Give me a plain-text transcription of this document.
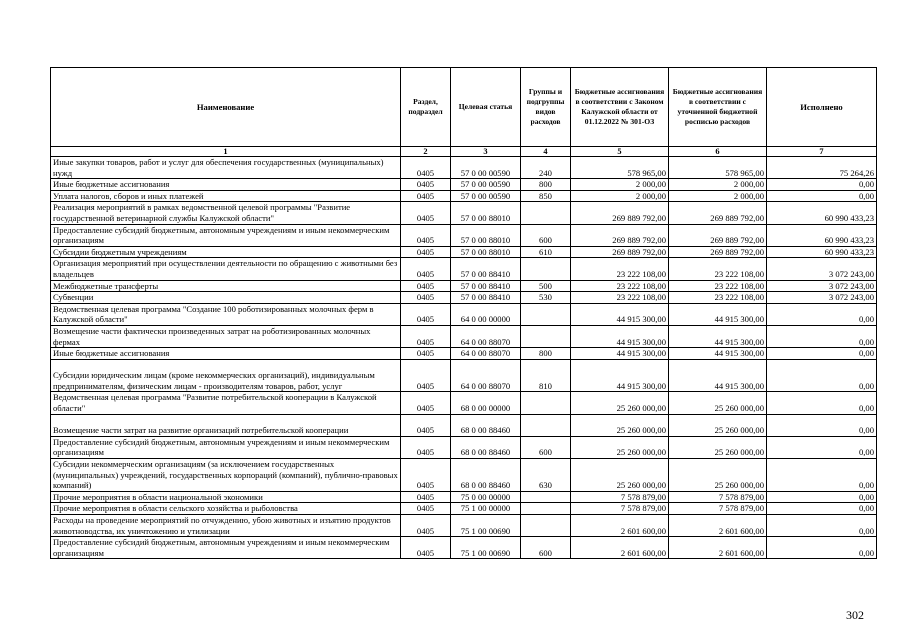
Наименование	Раздел, подраздел	Целевая статья	Группы и подгруппы видов расходов	Бюджетные ассигнования в соответствии с Законом Калужской области от 01.12.2022 № 301-ОЗ	Бюджетные ассигнования в соответствии с уточненной бюджетной росписью расходов	Исполнено
1	2	3	4	5	6	7
Иные закупки товаров, работ и услуг для обеспечения государственных (муниципальных) нужд	0405	57 0 00 00590	240	578 965,00	578 965,00	75 264,26
Иные бюджетные ассигнования	0405	57 0 00 00590	800	2 000,00	2 000,00	0,00
Уплата налогов, сборов и иных платежей	0405	57 0 00 00590	850	2 000,00	2 000,00	0,00
Реализация мероприятий в рамках ведомственной целевой программы "Развитие государственной ветеринарной службы Калужской области"	0405	57 0 00 88010		269 889 792,00	269 889 792,00	60 990 433,23
Предоставление субсидий бюджетным, автономным учреждениям и иным некоммерческим организациям	0405	57 0 00 88010	600	269 889 792,00	269 889 792,00	60 990 433,23
Субсидии бюджетным учреждениям	0405	57 0 00 88010	610	269 889 792,00	269 889 792,00	60 990 433,23
Организация мероприятий при осуществлении деятельности по обращению с животными без владельцев	0405	57 0 00 88410		23 222 108,00	23 222 108,00	3 072 243,00
Межбюджетные трансферты	0405	57 0 00 88410	500	23 222 108,00	23 222 108,00	3 072 243,00
Субвенции	0405	57 0 00 88410	530	23 222 108,00	23 222 108,00	3 072 243,00
Ведомственная целевая программа "Создание 100 роботизированных молочных ферм в Калужской области"	0405	64 0 00 00000		44 915 300,00	44 915 300,00	0,00
Возмещение части фактически произведенных затрат на роботизированных молочных фермах	0405	64 0 00 88070		44 915 300,00	44 915 300,00	0,00
Иные бюджетные ассигнования	0405	64 0 00 88070	800	44 915 300,00	44 915 300,00	0,00
Субсидии юридическим лицам (кроме некоммерческих организаций), индивидуальным предпринимателям, физическим лицам - производителям товаров, работ, услуг	0405	64 0 00 88070	810	44 915 300,00	44 915 300,00	0,00
Ведомственная целевая программа "Развитие потребительской кооперации в Калужской области"	0405	68 0 00 00000		25 260 000,00	25 260 000,00	0,00
Возмещение части затрат на развитие организаций потребительской кооперации	0405	68 0 00 88460		25 260 000,00	25 260 000,00	0,00
Предоставление субсидий бюджетным, автономным учреждениям и иным некоммерческим организациям	0405	68 0 00 88460	600	25 260 000,00	25 260 000,00	0,00
Субсидии некоммерческим организациям (за исключением государственных (муниципальных) учреждений, государственных корпораций (компаний), публично-правовых компаний)	0405	68 0 00 88460	630	25 260 000,00	25 260 000,00	0,00
Прочие мероприятия в области национальной экономики	0405	75 0 00 00000		7 578 879,00	7 578 879,00	0,00
Прочие мероприятия в области сельского хозяйства и рыболовства	0405	75 1 00 00000		7 578 879,00	7 578 879,00	0,00
Расходы на проведение мероприятий по отчуждению, убою животных и изъятию продуктов животноводства, их уничтожению и утилизации	0405	75 1 00 00690		2 601 600,00	2 601 600,00	0,00
Предоставление субсидий бюджетным, автономным учреждениям и иным некоммерческим организациям	0405	75 1 00 00690	600	2 601 600,00	2 601 600,00	0,00
302
